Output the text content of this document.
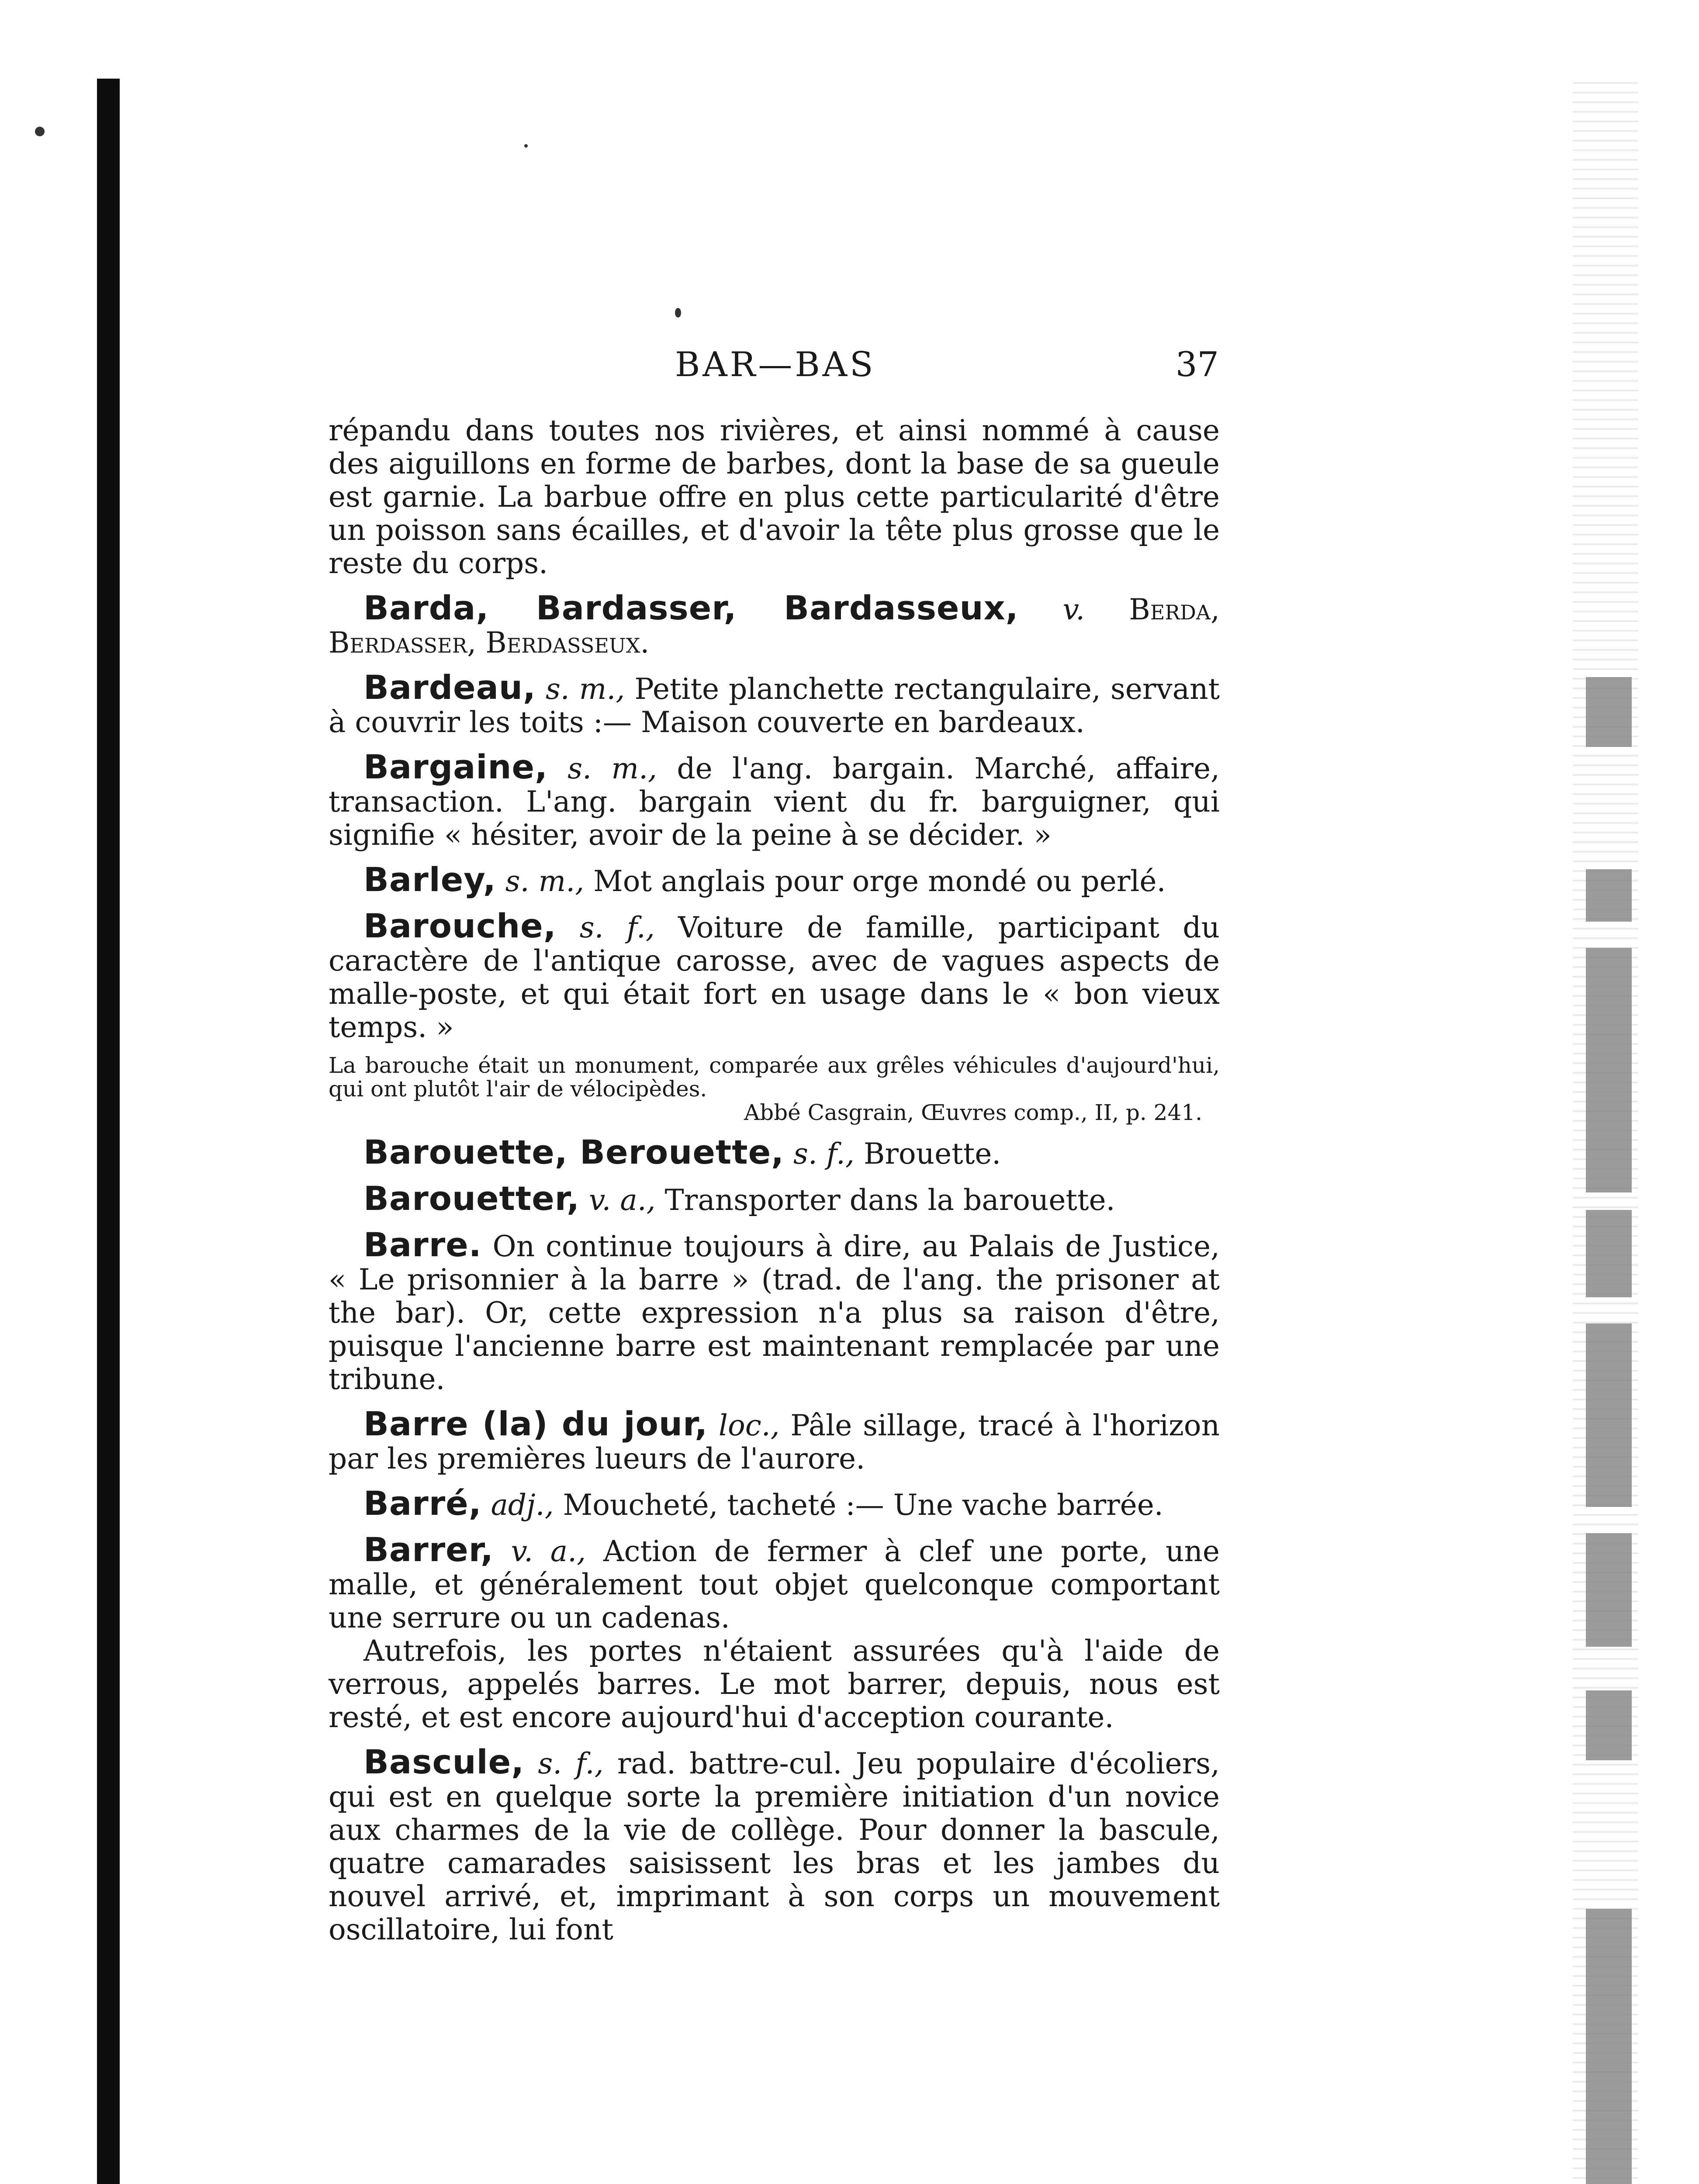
BAR—BAS	37

répandu dans toutes nos rivières, et ainsi nommé à cause des aiguillons en forme de barbes, dont la base de sa gueule est garnie. La barbue offre en plus cette particularité d'être un poisson sans écailles, et d'avoir la tête plus grosse que le reste du corps.

Barda, Bardasser, Bardasseux, v. Berda, Berdasser, Berdasseux.

Bardeau, s. m., Petite planchette rectangulaire, servant à couvrir les toits :— Maison couverte en bardeaux.

Bargaine, s. m., de l'ang. bargain. Marché, affaire, transaction. L'ang. bargain vient du fr. barguigner, qui signifie « hésiter, avoir de la peine à se décider. »

Barley, s. m., Mot anglais pour orge mondé ou perlé.

Barouche, s. f., Voiture de famille, participant du caractère de l'antique carosse, avec de vagues aspects de malle-poste, et qui était fort en usage dans le « bon vieux temps. »

La barouche était un monument, comparée aux grêles véhicules d'aujourd'hui, qui ont plutôt l'air de vélocipèdes.
Abbé Casgrain, Œuvres comp., II, p. 241.

Barouette, Berouette, s. f., Brouette.

Barouetter, v. a., Transporter dans la barouette.

Barre. On continue toujours à dire, au Palais de Justice, « Le prisonnier à la barre » (trad. de l'ang. the prisoner at the bar). Or, cette expression n'a plus sa raison d'être, puisque l'ancienne barre est maintenant remplacée par une tribune.

Barre (la) du jour, loc., Pâle sillage, tracé à l'horizon par les premières lueurs de l'aurore.

Barré, adj., Moucheté, tacheté :— Une vache barrée.

Barrer, v. a., Action de fermer à clef une porte, une malle, et généralement tout objet quelconque comportant une serrure ou un cadenas.

Autrefois, les portes n'étaient assurées qu'à l'aide de verrous, appelés barres. Le mot barrer, depuis, nous est resté, et est encore aujourd'hui d'acception courante.

Bascule, s. f., rad. battre-cul. Jeu populaire d'écoliers, qui est en quelque sorte la première initiation d'un novice aux charmes de la vie de collège. Pour donner la bascule, quatre camarades saisissent les bras et les jambes du nouvel arrivé, et, imprimant à son corps un mouvement oscillatoire, lui font
